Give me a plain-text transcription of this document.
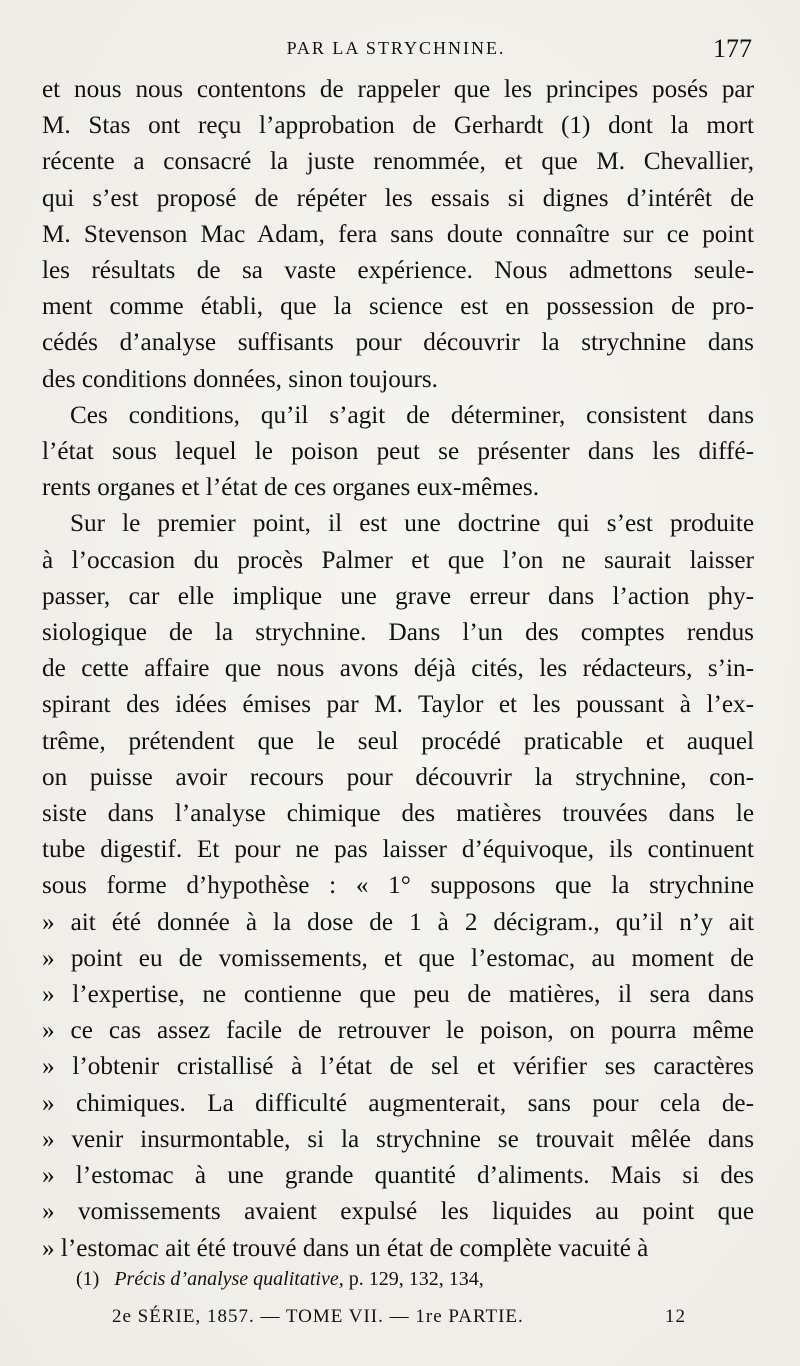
PAR LA STRYCHNINE.	177

et nous nous contentons de rappeler que les principes posés par
M. Stas ont reçu l’approbation de Gerhardt (1) dont la mort
récente a consacré la juste renommée, et que M. Chevallier,
qui s’est proposé de répéter les essais si dignes d’intérêt de
M. Stevenson Mac Adam, fera sans doute connaître sur ce point
les résultats de sa vaste expérience. Nous admettons seule-
ment comme établi, que la science est en possession de pro-
cédés d’analyse suffisants pour découvrir la strychnine dans
des conditions données, sinon toujours.

Ces conditions, qu’il s’agit de déterminer, consistent dans
l’état sous lequel le poison peut se présenter dans les diffé-
rents organes et l’état de ces organes eux-mêmes.

Sur le premier point, il est une doctrine qui s’est produite
à l’occasion du procès Palmer et que l’on ne saurait laisser
passer, car elle implique une grave erreur dans l’action phy-
siologique de la strychnine. Dans l’un des comptes rendus
de cette affaire que nous avons déjà cités, les rédacteurs, s’in-
spirant des idées émises par M. Taylor et les poussant à l’ex-
trême, prétendent que le seul procédé praticable et auquel
on puisse avoir recours pour découvrir la strychnine, con-
siste dans l’analyse chimique des matières trouvées dans le
tube digestif. Et pour ne pas laisser d’équivoque, ils continuent
sous forme d’hypothèse : « 1° supposons que la strychnine
» ait été donnée à la dose de 1 à 2 décigram., qu’il n’y ait
» point eu de vomissements, et que l’estomac, au moment de
» l’expertise, ne contienne que peu de matières, il sera dans
» ce cas assez facile de retrouver le poison, on pourra même
» l’obtenir cristallisé à l’état de sel et vérifier ses caractères
» chimiques. La difficulté augmenterait, sans pour cela de-
» venir insurmontable, si la strychnine se trouvait mêlée dans
» l’estomac à une grande quantité d’aliments. Mais si des
» vomissements avaient expulsé les liquides au point que
» l’estomac ait été trouvé dans un état de complète vacuité à

(1) Précis d’analyse qualitative, p. 129, 132, 134,
2e SÉRIE, 1857. — TOME VII. — 1re PARTIE.	12
